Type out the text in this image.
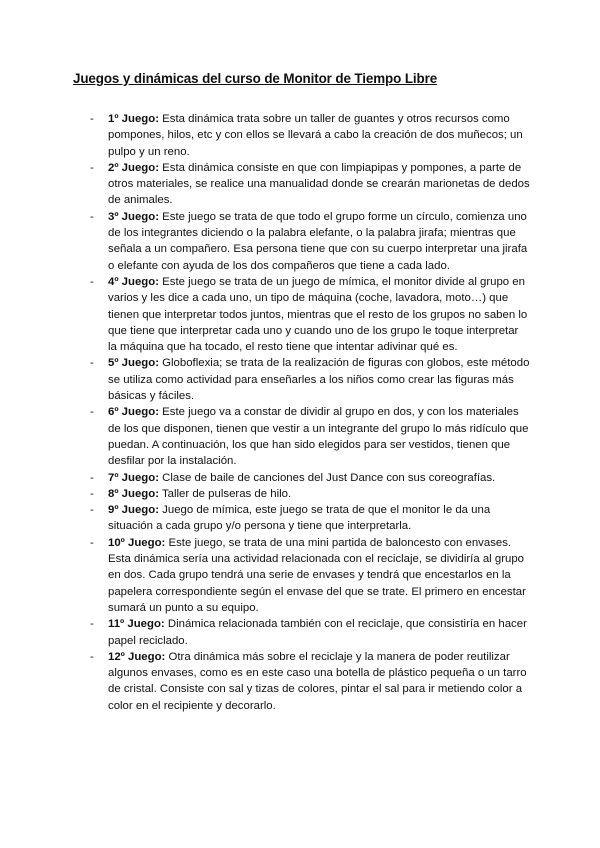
Juegos y dinámicas del curso de Monitor de Tiempo Libre
- 1º Juego: Esta dinámica trata sobre un taller de guantes y otros recursos como pompones, hilos, etc y con ellos se llevará a cabo la creación de dos muñecos; un pulpo y un reno.
- 2º Juego: Esta dinámica consiste en que con limpiapipas y pompones, a parte de otros materiales, se realice una manualidad donde se crearán marionetas de dedos de animales.
- 3º Juego: Este juego se trata de que todo el grupo forme un círculo, comienza uno de los integrantes diciendo o la palabra elefante, o la palabra jirafa; mientras que señala a un compañero. Esa persona tiene que con su cuerpo interpretar una jirafa o elefante con ayuda de los dos compañeros que tiene a cada lado.
- 4º Juego: Este juego se trata de un juego de mímica, el monitor divide al grupo en varios y les dice a cada uno, un tipo de máquina (coche, lavadora, moto…) que tienen que interpretar todos juntos, mientras que el resto de los grupos no saben lo que tiene que interpretar cada uno y cuando uno de los grupo le toque interpretar la máquina que ha tocado, el resto tiene que intentar adivinar qué es.
- 5º Juego: Globoflexia; se trata de la realización de figuras con globos, este método se utiliza como actividad para enseñarles a los niños como crear las figuras más básicas y fáciles.
- 6º Juego: Este juego va a constar de dividir al grupo en dos, y con los materiales de los que disponen, tienen que vestir a un integrante del grupo lo más ridículo que puedan. A continuación, los que han sido elegidos para ser vestidos, tienen que desfilar por la instalación.
- 7º Juego: Clase de baile de canciones del Just Dance con sus coreografías.
- 8º Juego: Taller de pulseras de hilo.
- 9º Juego: Juego de mímica, este juego se trata de que el monitor le da una situación a cada grupo y/o persona y tiene que interpretarla.
- 10º Juego: Este juego, se trata de una mini partida de baloncesto con envases. Esta dinámica sería una actividad relacionada con el reciclaje, se dividiría al grupo en dos. Cada grupo tendrá una serie de envases y tendrá que encestarlos en la papelera correspondiente según el envase del que se trate. El primero en encestar sumará un punto a su equipo.
- 11º Juego: Dinámica relacionada también con el reciclaje, que consistiría en hacer papel reciclado.
- 12º Juego: Otra dinámica más sobre el reciclaje y la manera de poder reutilizar algunos envases, como es en este caso una botella de plástico pequeña o un tarro de cristal. Consiste con sal y tizas de colores, pintar el sal para ir metiendo color a color en el recipiente y decorarlo.
